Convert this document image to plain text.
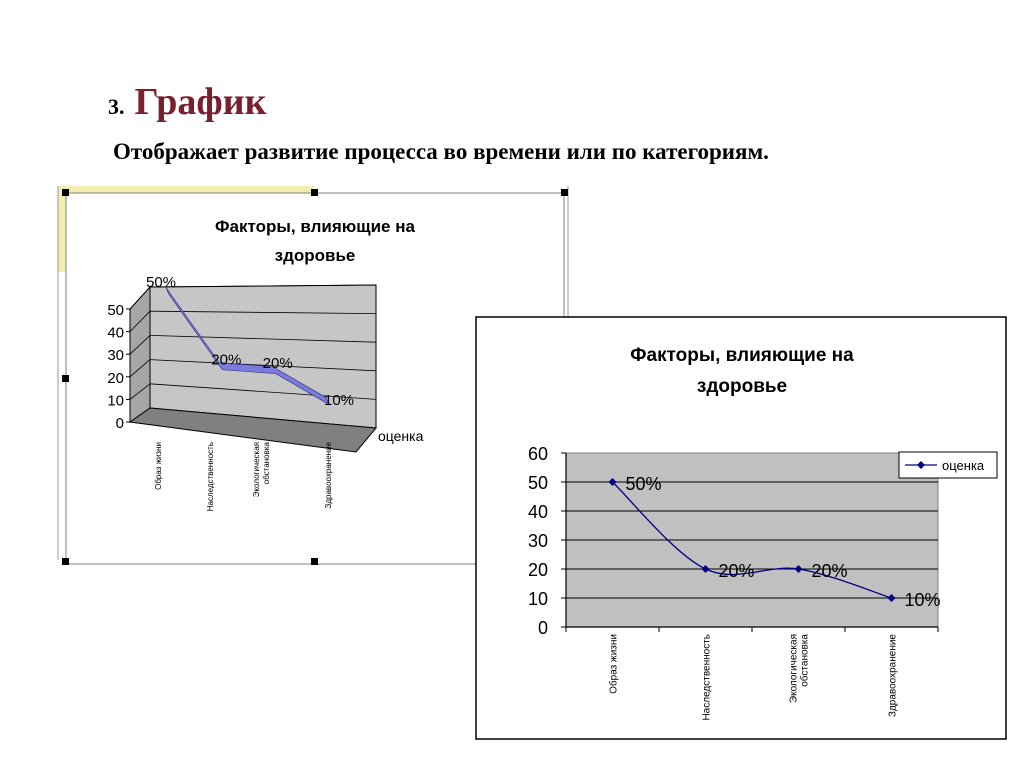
3. График
Отображает развитие процесса во времени или по категориям.
Факторы, влияющие на здоровье
0
10
20
30
40
50
50%
20% 20%
10%
Образ жизни	Наследственность	Экологическая обстановка	Здравоохранение
оценка
Факторы, влияющие на здоровье
0
10
20
30
40
50
60
50%
20%	20%
10%
Образ жизни	Наследственность	Экологическая обстановка	Здравоохранение
оценка
